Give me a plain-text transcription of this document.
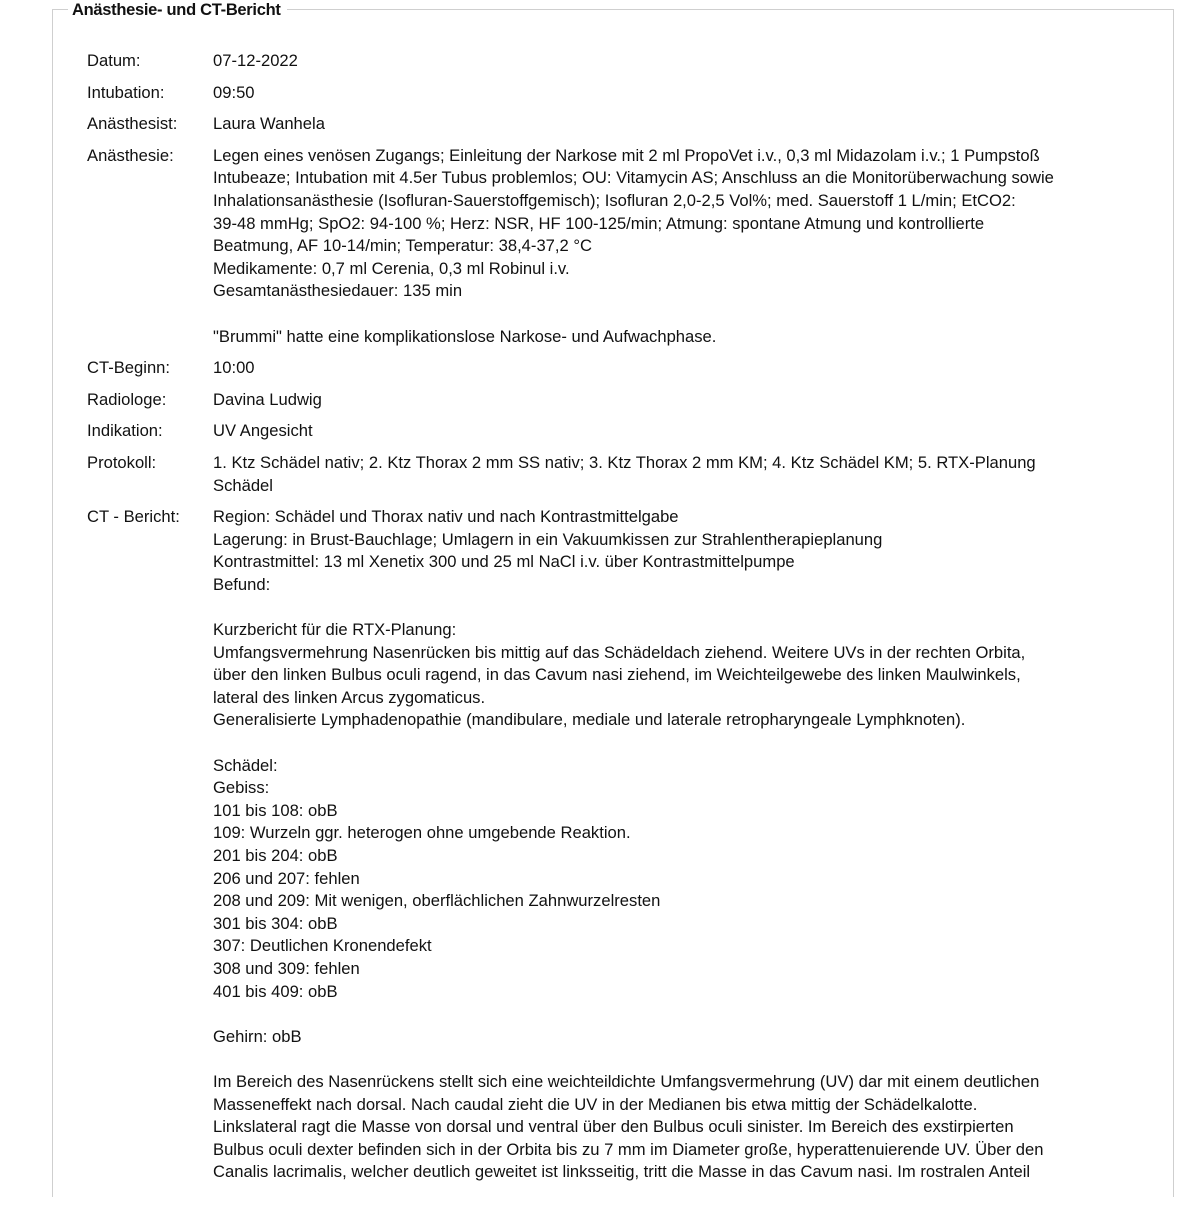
Anästhesie- und CT-Bericht
Datum:	07-12-2022
Intubation:	09:50
Anästhesist:	Laura Wanhela
Anästhesie:	Legen eines venösen Zugangs; Einleitung der Narkose mit 2 ml PropoVet i.v., 0,3 ml Midazolam i.v.; 1 Pumpstoß
Intubeaze; Intubation mit 4.5er Tubus problemlos; OU: Vitamycin AS; Anschluss an die Monitorüberwachung sowie
Inhalationsanästhesie (Isofluran-Sauerstoffgemisch); Isofluran 2,0-2,5 Vol%; med. Sauerstoff 1 L/min; EtCO2:
39-48 mmHg; SpO2: 94-100 %; Herz: NSR, HF 100-125/min; Atmung: spontane Atmung und kontrollierte
Beatmung, AF 10-14/min; Temperatur: 38,4-37,2 °C
Medikamente: 0,7 ml Cerenia, 0,3 ml Robinul i.v.
Gesamtanästhesiedauer: 135 min
"Brummi" hatte eine komplikationslose Narkose- und Aufwachphase.
CT-Beginn:	10:00
Radiologe:	Davina Ludwig
Indikation:	UV Angesicht
Protokoll:	1. Ktz Schädel nativ; 2. Ktz Thorax 2 mm SS nativ; 3. Ktz Thorax 2 mm KM; 4. Ktz Schädel KM; 5. RTX-Planung
Schädel
CT - Bericht:	Region: Schädel und Thorax nativ und nach Kontrastmittelgabe
Lagerung: in Brust-Bauchlage; Umlagern in ein Vakuumkissen zur Strahlentherapieplanung
Kontrastmittel: 13 ml Xenetix 300 und 25 ml NaCl i.v. über Kontrastmittelpumpe
Befund:
Kurzbericht für die RTX-Planung:
Umfangsvermehrung Nasenrücken bis mittig auf das Schädeldach ziehend. Weitere UVs in der rechten Orbita,
über den linken Bulbus oculi ragend, in das Cavum nasi ziehend, im Weichteilgewebe des linken Maulwinkels,
lateral des linken Arcus zygomaticus.
Generalisierte Lymphadenopathie (mandibulare, mediale und laterale retropharyngeale Lymphknoten).
Schädel:
Gebiss:
101 bis 108: obB
109: Wurzeln ggr. heterogen ohne umgebende Reaktion.
201 bis 204: obB
206 und 207: fehlen
208 und 209: Mit wenigen, oberflächlichen Zahnwurzelresten
301 bis 304: obB
307: Deutlichen Kronendefekt
308 und 309: fehlen
401 bis 409: obB
Gehirn: obB
Im Bereich des Nasenrückens stellt sich eine weichteildichte Umfangsvermehrung (UV) dar mit einem deutlichen
Masseneffekt nach dorsal. Nach caudal zieht die UV in der Medianen bis etwa mittig der Schädelkalotte.
Linkslateral ragt die Masse von dorsal und ventral über den Bulbus oculi sinister. Im Bereich des exstirpierten
Bulbus oculi dexter befinden sich in der Orbita bis zu 7 mm im Diameter große, hyperattenuierende UV. Über den
Canalis lacrimalis, welcher deutlich geweitet ist linksseitig, tritt die Masse in das Cavum nasi. Im rostralen Anteil
